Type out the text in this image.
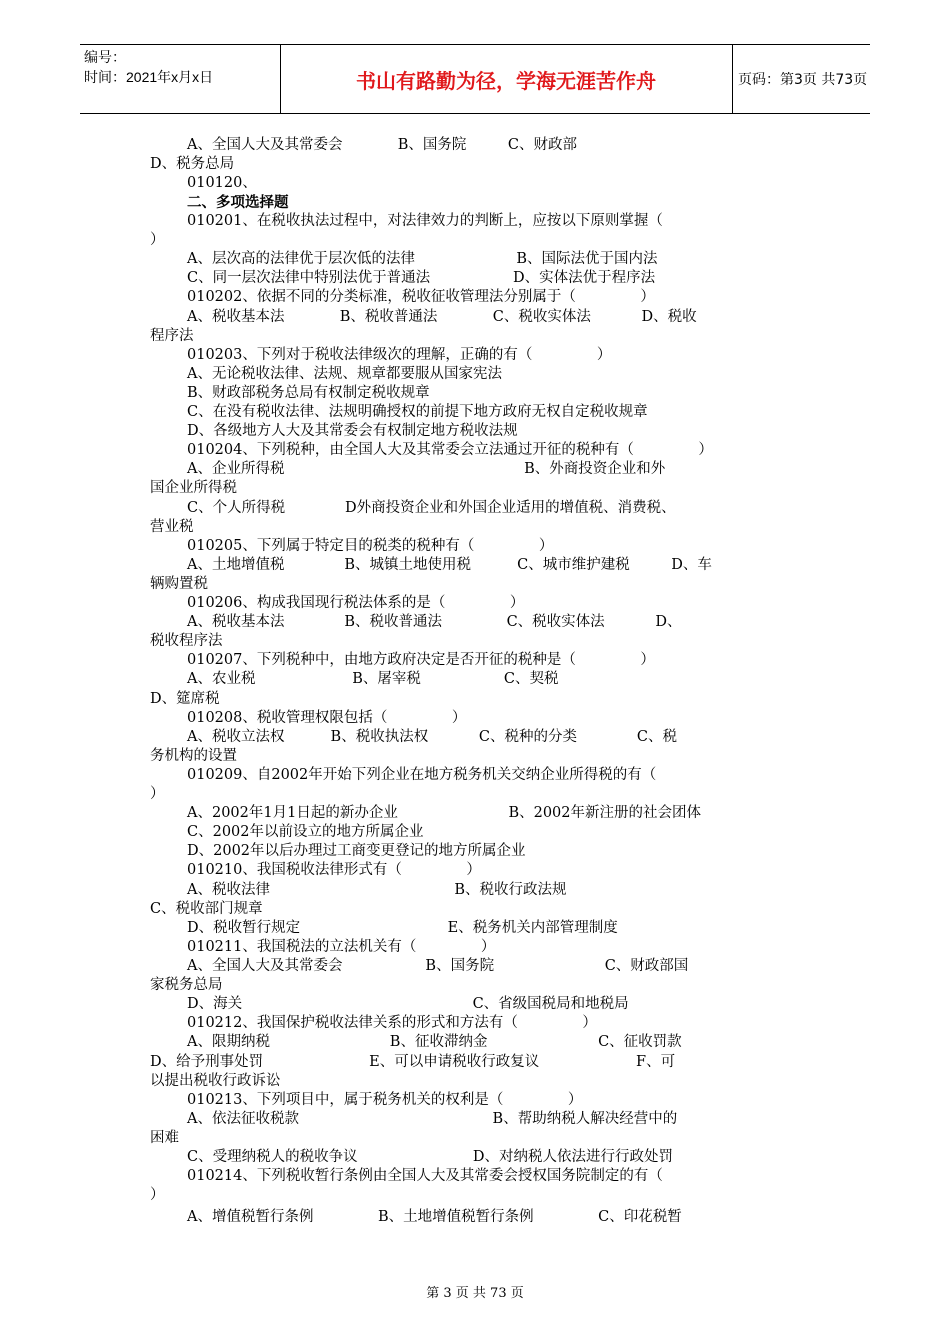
编号：
时间：2021年x月x日	书山有路勤为径，学海无涯苦作舟	页码：第3页 共73页
A、全国人大及其常委会            B、国务院         C、财政部
D、税务总局
010120、
二、多项选择题
010201、在税收执法过程中，对法律效力的判断上，应按以下原则掌握（
）
A、层次高的法律优于层次低的法律                      B、国际法优于国内法
C、同一层次法律中特别法优于普通法                  D、实体法优于程序法
010202、依据不同的分类标准，税收征收管理法分别属于（              ）
A、税收基本法            B、税收普通法            C、税收实体法           D、税收
程序法
010203、下列对于税收法律级次的理解，正确的有（              ）
A、无论税收法律、法规、规章都要服从国家宪法
B、财政部税务总局有权制定税收规章
C、在没有税收法律、法规明确授权的前提下地方政府无权自定税收规章
D、各级地方人大及其常委会有权制定地方税收法规
010204、下列税种，由全国人大及其常委会立法通过开征的税种有（              ）
A、企业所得税                                                    B、外商投资企业和外
国企业所得税
C、个人所得税             D外商投资企业和外国企业适用的增值税、消费税、
营业税
010205、下列属于特定目的税类的税种有（              ）
A、土地增值税             B、城镇土地使用税          C、城市维护建税         D、车
辆购置税
010206、构成我国现行税法体系的是（              ）
A、税收基本法             B、税收普通法              C、税收实体法           D、
税收程序法
010207、下列税种中，由地方政府决定是否开征的税种是（              ）
A、农业税                     B、屠宰税                  C、契税
D、筵席税
010208、税收管理权限包括（              ）
A、税收立法权          B、税收执法权           C、税种的分类             C、税
务机构的设置
010209、自2002年开始下列企业在地方税务机关交纳企业所得税的有（
）
A、2002年1月1日起的新办企业                        B、2002年新注册的社会团体
C、2002年以前设立的地方所属企业
D、2002年以后办理过工商变更登记的地方所属企业
010210、我国税收法律形式有（              ）
A、税收法律                                        B、税收行政法规
C、税收部门规章
D、税收暂行规定                                E、税务机关内部管理制度
010211、我国税法的立法机关有（              ）
A、全国人大及其常委会                  B、国务院                        C、财政部国
家税务总局
D、海关                                                  C、省级国税局和地税局
010212、我国保护税收法律关系的形式和方法有（              ）
A、限期纳税                          B、征收滞纳金                        C、征收罚款
D、给予刑事处罚                       E、可以申请税收行政复议                     F、可
以提出税收行政诉讼
010213、下列项目中，属于税务机关的权利是（              ）
A、依法征收税款                                          B、帮助纳税人解决经营中的
困难
C、受理纳税人的税收争议                         D、对纳税人依法进行行政处罚
010214、下列税收暂行条例由全国人大及其常委会授权国务院制定的有（
）
A、增值税暂行条例              B、土地增值税暂行条例              C、印花税暂
第 3 页 共 73 页
